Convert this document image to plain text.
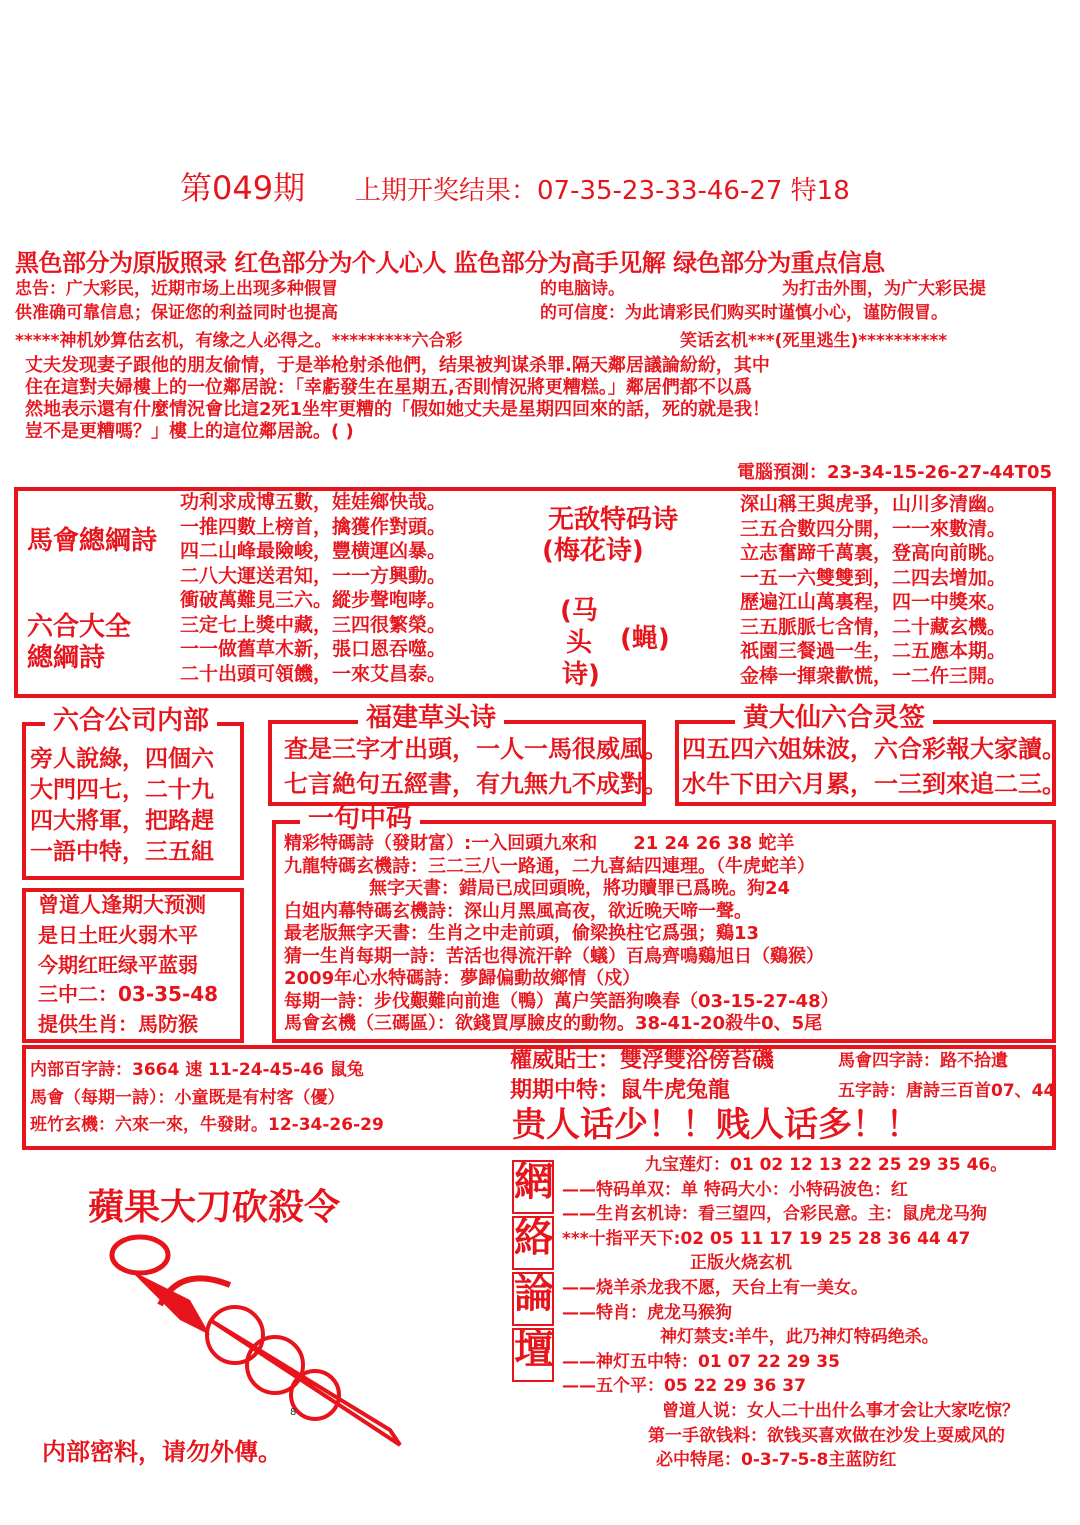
第049期 上期开奖结果：07-35-23-33-46-27 特18
黑色部分为原版照录 红色部分为个人心人 监色部分为高手见解 绿色部分为重点信息
忠告：广大彩民，近期市场上出现多种假冒	的电脑诗。	为打击外围，为广大彩民提
供准确可靠信息；保证您的利益同时也提高	的可信度：为此请彩民们购买时谨慎小心，谨防假冒。
*****神机妙算估玄机，有缘之人必得之。*********六合彩	笑话玄机***(死里逃生)**********
丈夫发现妻子跟他的朋友偷情，于是举枪射杀他們，结果被判谋杀罪.隔天鄰居議論紛紛，其中
住在這對夫婦樓上的一位鄰居說：「幸虧發生在星期五,否則情況將更糟糕。」鄰居們都不以爲
然地表示還有什麼情況會比這2死1坐牢更糟的「假如她丈夫是星期四回來的話，死的就是我！
豈不是更糟嗎？」樓上的這位鄰居說。( )
電腦預測：23-34-15-26-27-44T05
馬會總綱詩
六合大全
總綱詩
功利求成博五數，娃娃鄉快哉。
一推四數上榜首，擒獲作對頭。
四二山峰最險峻，豐横運凶暴。
二八大運送君知，一一方興動。
衝破萬難見三六。縱步聲咆哮。
三定七上獎中藏，三四很繁榮。
一一做舊草木新，張口恩吞噬。
二十出頭可領饑，一來艾昌泰。
无敌特码诗
(梅花诗)
(马
头
诗)
(蝇)
深山稱王與虎爭，山川多清幽。
三五合數四分開，一一來數清。
立志奮蹄千萬裏，登高向前眺。
一五一六雙雙到，二四去增加。
歷遍江山萬裏程，四一中獎來。
三五脈脈七含情，二十藏玄機。
祇園三餐過一生，二五應本期。
金棒一揮衆歡慌，一二仵三開。
六合公司内部
旁人說綠，四個六
大門四七，二十九
四大將軍，把路趕
一語中特，三五組
福建草头诗
査是三字才出頭，一人一馬很威風。
七言絶句五經書，有九無九不成對。
黄大仙六合灵签
四五四六姐妹波，六合彩報大家讀。
水牛下田六月累，一三到來追二三。
曾道人逢期大预测
是日土旺火弱木平
今期红旺绿平蓝弱
三中二：03-35-48
提供生肖：馬防猴
一句中码
精彩特碼詩（發財富）:一入回頭九來和　　21 24 26 38 蛇羊
九龍特碼玄機詩：三二三八一路通，二九喜結四連理。（牛虎蛇羊）
無字天書：錯局已成回頭晩，將功贖罪已爲晩。狗24
白姐内幕特碼玄機詩：深山月黑風高夜，欲近晩天啼一聲。
最老版無字天書：生肖之中走前頭，偷梁换柱它爲强；鷄13
猜一生肖每期一詩：苦活也得流汗幹（蟻）百鳥齊鳴鷄旭日（鷄猴）
2009年心水特碼詩：夢歸偏動故鄉情（戍）
每期一詩：步伐艱難向前進（鴨）萬户笑語狗喚春（03-15-27-48）
馬會玄機（三碼區）：欲錢買厚臉皮的動物。38-41-20殺牛0、5尾
内部百字詩：3664 速 11-24-45-46 鼠兔
馬會（每期一詩）：小童既是有村客（優）
班竹玄機：六來一來，牛發財。12-34-26-29
權威貼士：雙浮雙浴傍苔磯	馬會四字詩：路不拾遺
期期中特：鼠牛虎兔龍	五字詩：唐詩三百首07、44
贵人话少！！贱人话多！！
蘋果大刀砍殺令
8
内部密料，请勿外傳。
網
絡
論
壇
九宝莲灯：01 02 12 13 22 25 29 35 46。
——特码单双：单 特码大小：小特码波色：红
——生肖玄机诗：看三望四，合彩民意。主：鼠虎龙马狗
***十指平天下:02 05 11 17 19 25 28 36 44 47
正版火烧玄机
——烧羊杀龙我不愿，天台上有一美女。
——特肖：虎龙马猴狗
神灯禁支:羊牛，此乃神灯特码绝杀。
——神灯五中特：01 07 22 29 35
——五个平：05 22 29 36 37
曾道人说：女人二十出什么事才会让大家吃惊？
第一手欲钱料：欲钱买喜欢做在沙发上耍威风的
必中特尾：0-3-7-5-8主蓝防红
